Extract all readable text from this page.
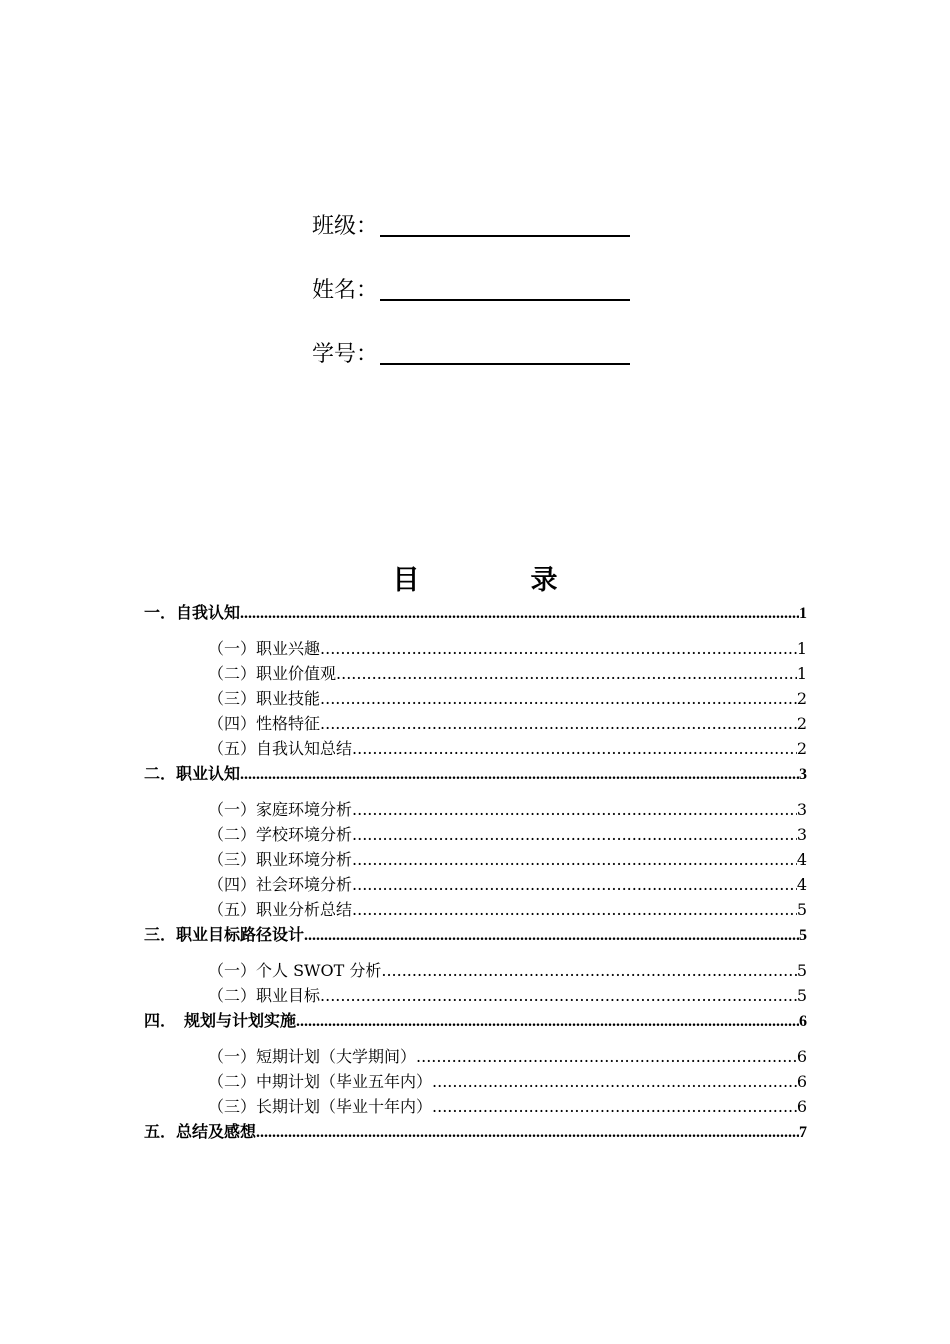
班级：
姓名：
学号：
目　录
一．自我认知 .....	1
（一）职业兴趣 .....	1
（二）职业价值观 .....	1
（三）职业技能 .....	2
（四）性格特征 .....	2
（五）自我认知总结 .....	2
二．职业认知 .....	3
（一）家庭环境分析 .....	3
（二）学校环境分析 .....	3
（三）职业环境分析 .....	4
（四）社会环境分析 .....	4
（五）职业分析总结 .....	5
三．职业目标路径设计 .....	5
（一）个人 SWOT 分析 .....	5
（二）职业目标 .....	5
四．　规划与计划实施 .....	6
（一）短期计划（大学期间） .....	6
（二）中期计划（毕业五年内） .....	6
（三）长期计划（毕业十年内） .....	6
五．总结及感想 .....	7
